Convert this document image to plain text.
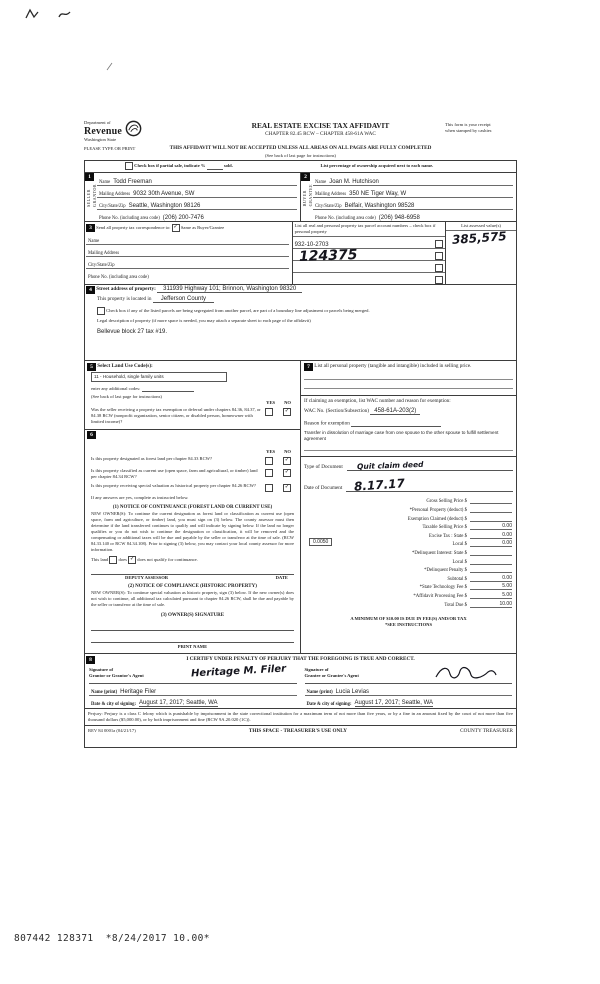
Department of
Revenue
Washington State
REAL ESTATE EXCISE TAX AFFIDAVIT
CHAPTER 82.45 RCW – CHAPTER 458-61A WAC
This form is your receipt
when stamped by cashier.
PLEASE TYPE OR PRINT	THIS AFFIDAVIT WILL NOT BE ACCEPTED UNLESS ALL AREAS ON ALL PAGES ARE FULLY COMPLETED
(See back of last page for instructions)
Check box if partial sale, indicate %	sold.	List percentage of ownership acquired next to each name.
1
SELLER GRANTOR
Name Todd Freeman
Mailing Address 9032 30th Avenue, SW
City/State/Zip Seattle, Washington 98126
Phone No. (including area code) (206) 200-7476
2
BUYER GRANTEE
Name Joan M. Hutchison
Mailing Address 350 NE Tiger Way, W
City/State/Zip Belfair, Washington 98528
Phone No. (including area code) (206) 948-6958
3 Send all property tax correspondence to: ✓ Same as Buyer/Grantee
Name
Mailing Address
City/State/Zip
Phone No. (including area code)
List all real and personal property tax parcel account numbers – check box if personal property
932-10-2703
124375
List assessed value(s)
385,575
4 Street address of property: 311939 Highway 101; Brinnon, Washington 98320
This property is located in Jefferson County
Check box if any of the listed parcels are being segregated from another parcel, are part of a boundary line adjustment or parcels being merged.
Legal description of property (if more space is needed, you may attach a separate sheet to each page of the affidavit)
Bellevue block 27 tax #19.
5 Select Land Use Code(s):
11 - Household, single family units
enter any additional codes:
(See back of last page for instructions)
YES NO
Was the seller receiving a property tax exemption or deferral under chapters 84.36, 84.37, or 84.38 RCW (nonprofit organization, senior citizen, or disabled person, homeowner with limited income)?
✓
6
YES NO
Is this property designated as forest land per chapter 84.33 RCW?	✓
Is this property classified as current use (open space, farm and agricultural, or timber) land per chapter 84.34 RCW?
✓
Is this property receiving special valuation as historical property per chapter 84.26 RCW?	✓
If any answers are yes, complete as instructed below.
(1) NOTICE OF CONTINUANCE (FOREST LAND OR CURRENT USE)
NEW OWNER(S): To continue the current designation as forest land or classification as current use (open space, farm and agriculture, or timber) land, you must sign on (3) below. The county assessor must then determine if the land transferred continues to qualify and will indicate by signing below. If the land no longer qualifies or you do not wish to continue the designation or classification, it will be removed and the compensating or additional taxes will be due and payable by the seller or transferor at the time of sale. (RCW 84.33.140 or RCW 84.34.108). Prior to signing (3) below, you may contact your local county assessor for more information.
This land does ✓ does not qualify for continuance.
DEPUTY ASSESSOR	DATE
(2) NOTICE OF COMPLIANCE (HISTORIC PROPERTY)
NEW OWNER(S): To continue special valuation as historic property, sign (3) below. If the new owner(s) does not wish to continue, all additional tax calculated pursuant to chapter 84.26 RCW, shall be due and payable by the seller or transferor at the time of sale.
(3) OWNER(S) SIGNATURE
PRINT NAME
7 List all personal property (tangible and intangible) included in selling price.
If claiming an exemption, list WAC number and reason for exemption:
WAC No. (Section/Subsection) 458-61A-203(2)
Reason for exemption
Transfer in dissolution of marriage case from one spouse to the other spouse to fulfill settlement agreement
Type of Document Quit claim deed
Date of Document 8.17.17
Gross Selling Price $
*Personal Property (deduct) $
Exemption Claimed (deduct) $
Taxable Selling Price $	0.00
Excise Tax : State $	0.00
0.0050	Local $	0.00
*Delinquent Interest: State $
Local $
*Delinquent Penalty $
Subtotal $	0.00
*State Technology Fee $	5.00
*Affidavit Processing Fee $	5.00
Total Due $	10.00
A MINIMUM OF $10.00 IS DUE IN FEE(S) AND/OR TAX
*SEE INSTRUCTIONS
8	I CERTIFY UNDER PENALTY OF PERJURY THAT THE FOREGOING IS TRUE AND CORRECT.
Signature of
Grantor or Grantor's Agent	Heritage M. Filer
Name (print) Heritage Filer
Date & city of signing: August 17, 2017; Seattle, WA
Signature of
Grantee or Grantee's Agent
Name (print) Lucia Levias
Date & city of signing: August 17, 2017; Seattle, WA
Perjury: Perjury is a class C felony which is punishable by imprisonment in the state correctional institution for a maximum term of not more than five years, or by a fine in an amount fixed by the court of not more than five thousand dollars ($5,000.00), or by both imprisonment and fine (RCW 9A.20.020 (1C)).
REV 84 0001a (04/21/17)	THIS SPACE - TREASURER'S USE ONLY	COUNTY TREASURER
807442 128371  *8/24/2017 10.00*
